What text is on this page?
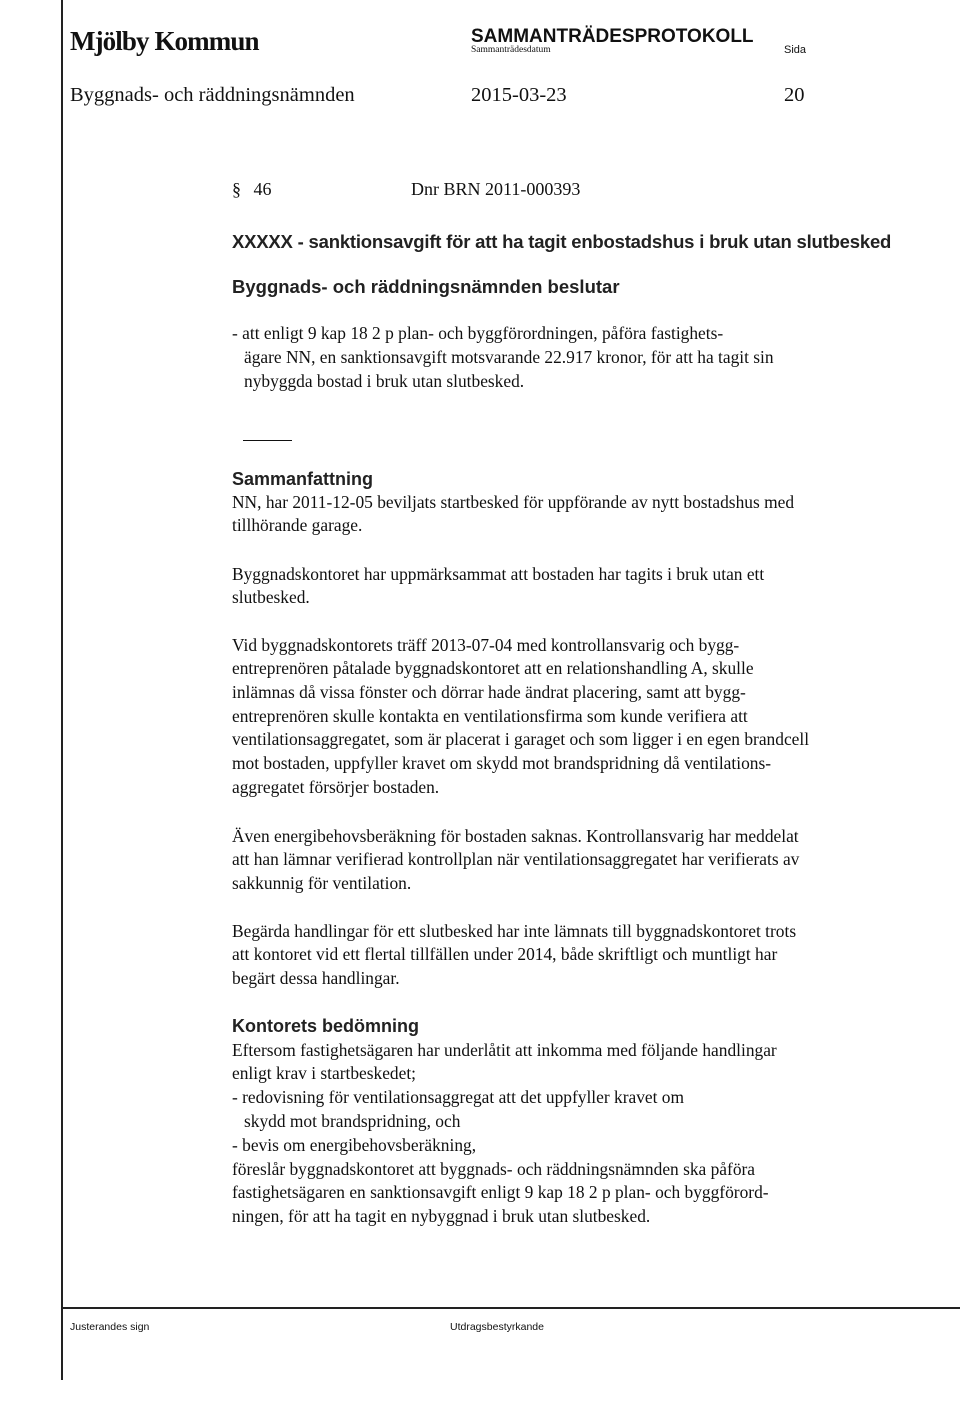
Mjölby Kommun	SAMMANTRÄDESPROTOKOLL
Sammanträdesdatum	Sida
Byggnads- och räddningsnämnden	2015-03-23	20
§ 46	Dnr BRN 2011-000393
XXXXX - sanktionsavgift för att ha tagit enbostadshus i bruk utan slutbesked
Byggnads- och räddningsnämnden beslutar
- att enligt 9 kap 18 2 p plan- och byggförordningen, påföra fastighets-
ägare NN, en sanktionsavgift motsvarande 22.917 kronor, för att ha tagit sin
nybyggda bostad i bruk utan slutbesked.
Sammanfattning
NN, har 2011-12-05 beviljats startbesked för uppförande av nytt bostadshus med
tillhörande garage.
Byggnadskontoret har uppmärksammat att bostaden har tagits i bruk utan ett
slutbesked.
Vid byggnadskontorets träff 2013-07-04 med kontrollansvarig och bygg-
entreprenören påtalade byggnadskontoret att en relationshandling A, skulle
inlämnas då vissa fönster och dörrar hade ändrat placering, samt att bygg-
entreprenören skulle kontakta en ventilationsfirma som kunde verifiera att
ventilationsaggregatet, som är placerat i garaget och som ligger i en egen brandcell
mot bostaden, uppfyller kravet om skydd mot brandspridning då ventilations-
aggregatet försörjer bostaden.
Även energibehovsberäkning för bostaden saknas. Kontrollansvarig har meddelat
att han lämnar verifierad kontrollplan när ventilationsaggregatet har verifierats av
sakkunnig för ventilation.
Begärda handlingar för ett slutbesked har inte lämnats till byggnadskontoret trots
att kontoret vid ett flertal tillfällen under 2014, både skriftligt och muntligt har
begärt dessa handlingar.
Kontorets bedömning
Eftersom fastighetsägaren har underlåtit att inkomma med följande handlingar
enligt krav i startbeskedet;
- redovisning för ventilationsaggregat att det uppfyller kravet om
skydd mot brandspridning, och
- bevis om energibehovsberäkning,
föreslår byggnadskontoret att byggnads- och räddningsnämnden ska påföra
fastighetsägaren en sanktionsavgift enligt 9 kap 18 2 p plan- och byggförord-
ningen, för att ha tagit en nybyggnad i bruk utan slutbesked.
Justerandes sign	Utdragsbestyrkande
